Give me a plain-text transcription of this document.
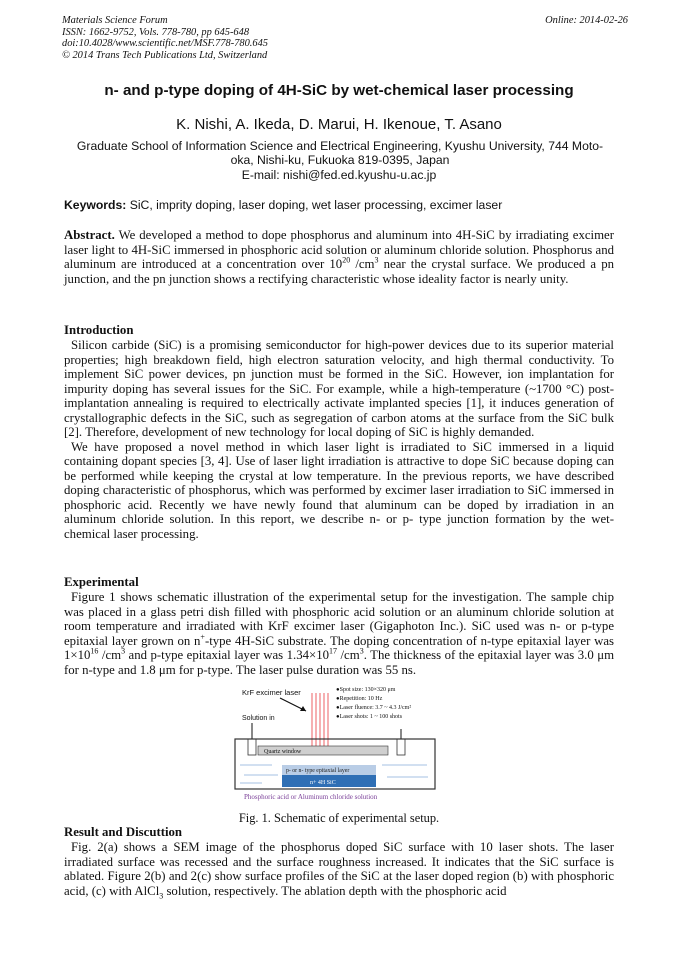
Materials Science Forum
ISSN: 1662-9752, Vols. 778-780, pp 645-648
doi:10.4028/www.scientific.net/MSF.778-780.645
© 2014 Trans Tech Publications Ltd, Switzerland
Online: 2014-02-26
n- and p-type doping of 4H-SiC by wet-chemical laser processing
K. Nishi, A. Ikeda, D. Marui, H. Ikenoue, T. Asano
Graduate School of Information Science and Electrical Engineering, Kyushu University, 744 Moto-
oka, Nishi-ku, Fukuoka 819-0395, Japan
E-mail: nishi@fed.ed.kyushu-u.ac.jp
Keywords: SiC, imprity doping, laser doping, wet laser processing, excimer laser
Abstract. We developed a method to dope phosphorus and aluminum into 4H-SiC by irradiating excimer laser light to 4H-SiC immersed in phosphoric acid solution or aluminum chloride solution. Phosphorus and aluminum are introduced at a concentration over $10^{20}$ $/cm^3$ near the crystal surface. We produced a pn junction, and the pn junction shows a rectifying characteristic whose ideality factor is nearly unity.
Introduction
Silicon carbide (SiC) is a promising semiconductor for high-power devices due to its superior material properties; high breakdown field, high electron saturation velocity, and high thermal conductivity. To implement SiC power devices, pn junction must be formed in the SiC. However, ion implantation for impurity doping has several issues for the SiC. For example, while a high-temperature (~1700 °C) post-implantation annealing is required to electrically activate implanted species [1], it induces generation of crystallographic defects in the SiC, such as segregation of carbon atoms at the surface from the SiC bulk [2]. Therefore, development of new technology for local doping of SiC is highly demanded.
We have proposed a novel method in which laser light is irradiated to SiC immersed in a liquid containing dopant species [3, 4]. Use of laser light irradiation is attractive to dope SiC because doping can be performed while keeping the crystal at low temperature. In the previous reports, we have described doping characteristic of phosphorus, which was performed by excimer laser irradiation to SiC immersed in phosphoric acid. Recently we have newly found that aluminum can be doped by irradiation in an aluminum chloride solution. In this report, we describe n- or p- type junction formation by the wet-chemical laser processing.
Experimental
Figure 1 shows schematic illustration of the experimental setup for the investigation. The sample chip was placed in a glass petri dish filled with phosphoric acid solution or an aluminum chloride solution at room temperature and irradiated with KrF excimer laser (Gigaphoton Inc.). SiC used was n- or p-type epitaxial layer grown on n+-type 4H-SiC substrate. The doping concentration of n-type epitaxial layer was $1\times 10^{16}$ $/cm^3$ and p-type epitaxial layer was $1.34\times 10^{17}$ $/cm^3$. The thickness of the epitaxial layer was 3.0 μm for n-type and 1.8 μm for p-type. The laser pulse duration was 55 ns.
KrF excimer laser	●Spot size: 130×320 μm
●Repetition: 10 Hz
●Laser fluence: 3.7 ~ 4.3 J/cm²
●Laser shots: 1 ~ 100 shots
Solution in
Quartz window
p- or n- type epitaxial layer
n+ 4H SiC
Phosphoric acid or Aluminum chloride solution
Fig. 1. Schematic of experimental setup.
Result and Discuttion
Fig. 2(a) shows a SEM image of the phosphorus doped SiC surface with 10 laser shots. The laser irradiated surface was recessed and the surface roughness increased. It indicates that the SiC surface is ablated. Figure 2(b) and 2(c) show surface profiles of the SiC at the laser doped region (b) with phosphoric acid, (c) with AlCl$_3$ solution, respectively. The ablation depth with the phosphoric acid
